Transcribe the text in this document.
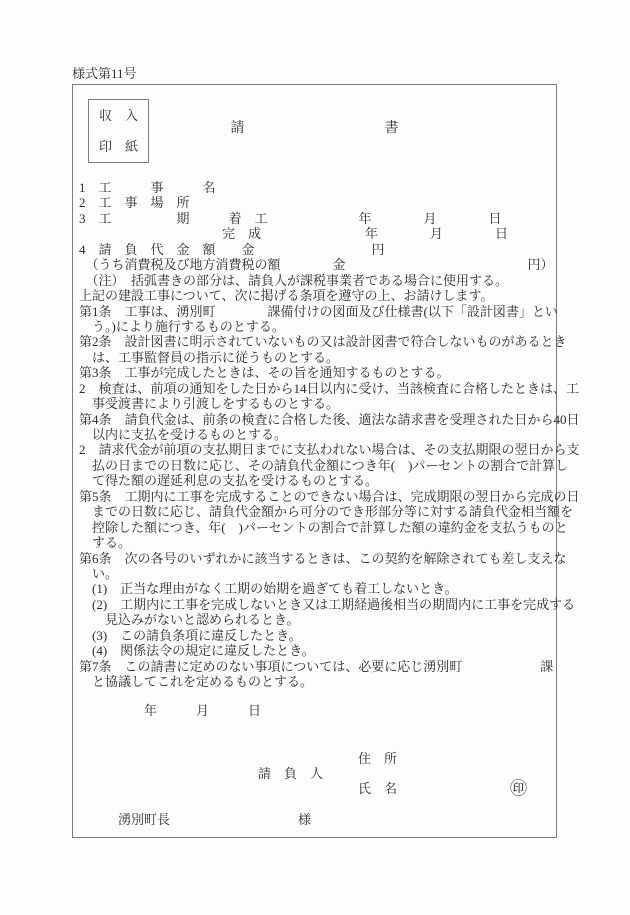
様式第11号
収　入
印　紙
請　　　　　　　　　　書
1　工　　　事　　　名
2　工　事　場　所
3　工　　　　　期　　　着　工　　　　　　　年　　　　月　　　　日
　　　　　　　　　　　完　成　　　　　　　　年　　　　月　　　　日
4　請　負　代　金　額　　金　　　　　　　　　円
　（うち消費税及び地方消費税の額　　　　金　　　　　　　　　　　　　　円）
　（注）　括弧書きの部分は、請負人が課税事業者である場合に使用する。
上記の建設工事について、次に掲げる条項を遵守の上、お請けします。
第1条　工事は、湧別町　　　　課備付けの図面及び仕様書(以下「設計図書」とい
　う。)により施行するものとする。
第2条　設計図書に明示されていないもの又は設計図書で符合しないものがあるとき
　は、工事監督員の指示に従うものとする。
第3条　工事が完成したときは、その旨を通知するものとする。
2　検査は、前項の通知をした日から14日以内に受け、当該検査に合格したときは、工
　事受渡書により引渡しをするものとする。
第4条　請負代金は、前条の検査に合格した後、適法な請求書を受理された日から40日
　以内に支払を受けるものとする。
2　請求代金が前項の支払期日までに支払われない場合は、その支払期限の翌日から支
　払の日までの日数に応じ、その請負代金額につき年(　)パーセントの割合で計算し
　て得た額の遅延利息の支払を受けるものとする。
第5条　工期内に工事を完成することのできない場合は、完成期限の翌日から完成の日
　までの日数に応じ、請負代金額から可分のでき形部分等に対する請負代金相当額を
　控除した額につき、年(　)パーセントの割合で計算した額の違約金を支払うものと
　する。
第6条　次の各号のいずれかに該当するときは、この契約を解除されても差し支えな
　い。
　(1)　正当な理由がなく工期の始期を過ぎても着工しないとき。
　(2)　工期内に工事を完成しないとき又は工期経過後相当の期間内に工事を完成する
　　見込みがないと認められるとき。
　(3)　この請負条項に違反したとき。
　(4)　関係法令の規定に違反したとき。
第7条　この請書に定めのない事項については、必要に応じ湧別町　　　　　　課
　と協議してこれを定めるものとする。
　　　　　年　　　月　　　日
住　所
請　負　人
氏　名	㊞
湧別町長	様
